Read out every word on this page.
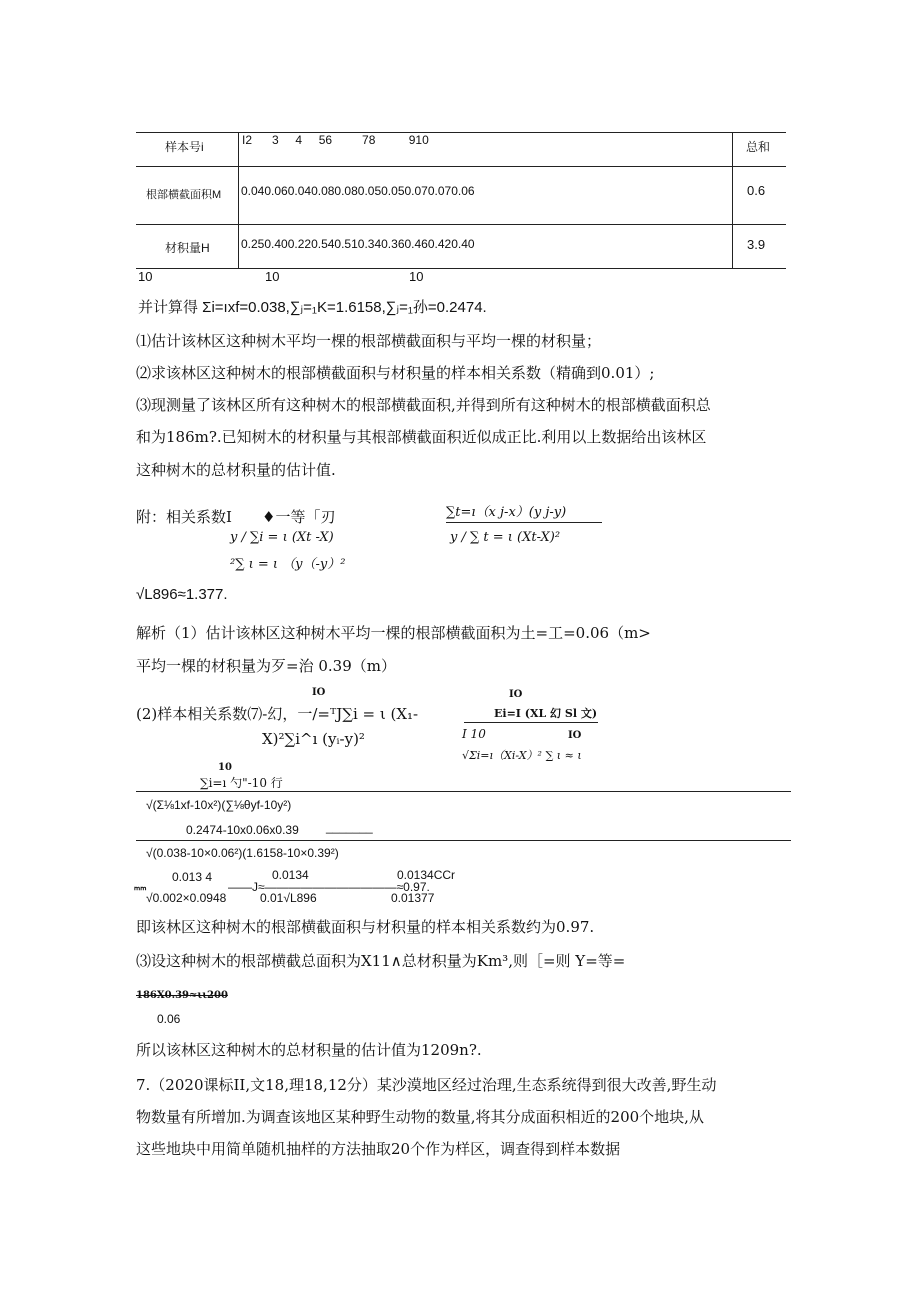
样本号i	I2      3     4     56         78          910	总和
根部横截面积M 0.040.060.040.080.080.050.050.070.070.06	0.6
材积量H	0.250.400.220.540.510.340.360.460.420.40	3.9
10	10	10
并计算得 Σi=ıxf=0.038,∑ⱼ=₁K=1.6158,∑ⱼ=₁孙=0.2474.
⑴估计该林区这种树木平均一棵的根部横截面积与平均一棵的材积量；
⑵求该林区这种树木的根部横截面积与材积量的样本相关系数（精确到0.01）;
⑶现测量了该林区所有这种树木的根部横截面积,并得到所有这种树木的根部横截面积总
和为186m?.已知树木的材积量与其根部横截面积近似成正比.利用以上数据给出该林区
这种树木的总材积量的估计值.
附：相关系数I ♦一等「刃	∑t=ı（x j-x）(y j-y)
y / ∑i = ι (Xt -X)	y / ∑ t = ι (Xt-X)²
²∑ ι = ι （y（-y）²
√L896≈1.377.
解析（1）估计该林区这种树木平均一棵的根部横截面积为土=工=0.06（m>
平均一棵的材积量为歹=治 0.39（m）
IO	IO
(2)样本相关系数⑺-幻，一/=ᵀJ∑i = ι (X₁-	Ei=I (XL 幻 Sl 文)
X)²∑i^ı (yᵢ-y)²	I 10	IO
√Σi=ı（Xi-X）² ∑ ι ≈ ι
10
∑i=ı 勺"-10 行
√(Σ⅛1xf-10x²)(∑⅛θyf-10y²)
0.2474-10x0.06x0.39 _______
√(0.038-10×0.06²)(1.6158-10×0.39²)
0.013 4	0.0134	0.0134CCr
ₘₘ	——J≈———————————≈0.97.
√0.002×0.0948	0.01√L896	0.01377
即该林区这种树木的根部横截面积与材积量的样本相关系数约为0.97.
⑶设这种树木的根部横截总面积为X11∧总材积量为Km³,则［=则 Y=等=
186X0.39≈ιι200
0.06
所以该林区这种树木的总材积量的估计值为1209n?.
7.（2020课标II,文18,理18,12分）某沙漠地区经过治理,生态系统得到很大改善,野生动
物数量有所增加.为调查该地区某种野生动物的数量,将其分成面积相近的200个地块,从
这些地块中用简单随机抽样的方法抽取20个作为样区，调查得到样本数据
